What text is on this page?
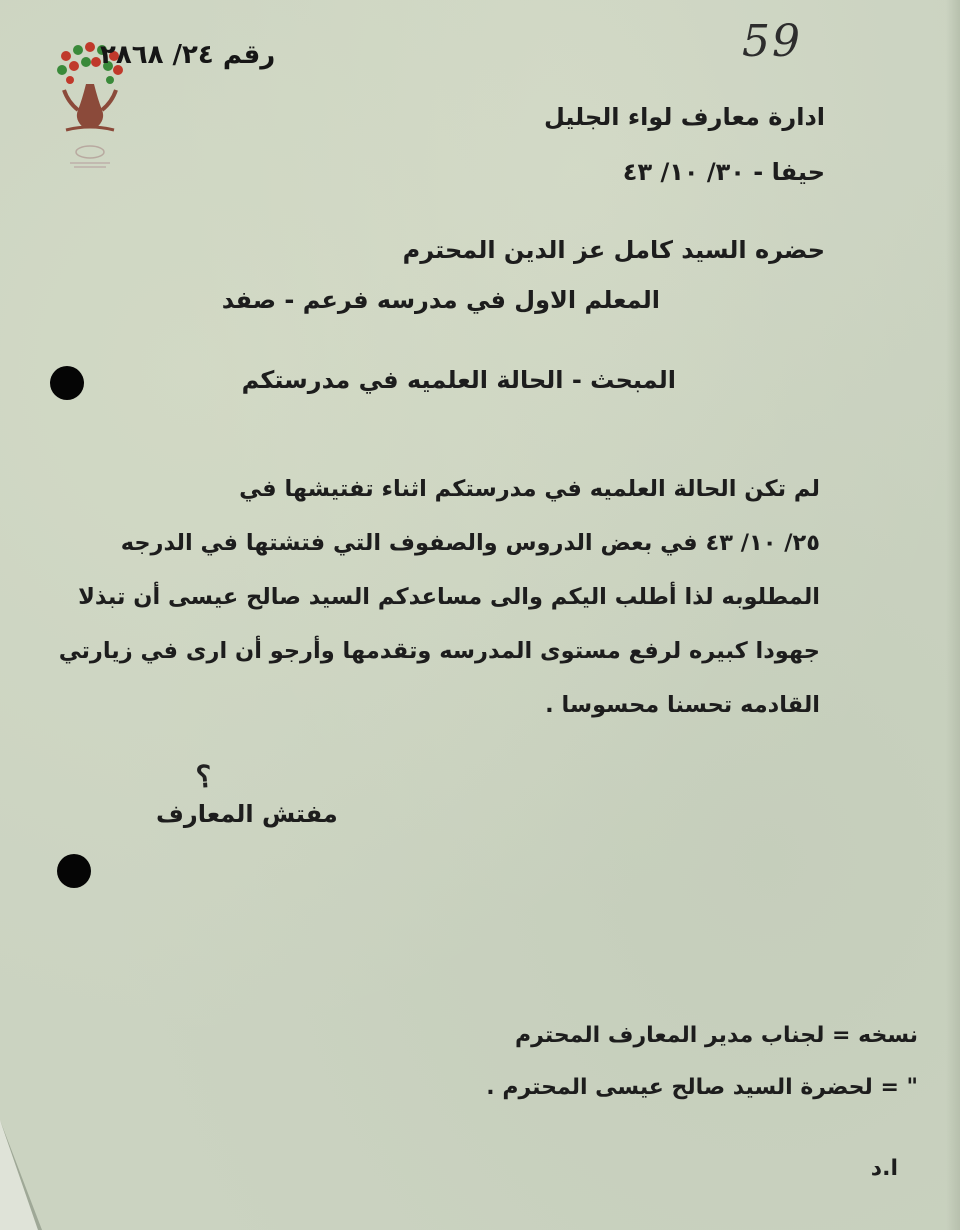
رقم ٢٤/ ٢٨٦٨	59
ادارة معارف لواء الجليل
حيفا - ٣٠/ ١٠/ ٤٣
حضره السيد كامل عز الدين المحترم
المعلم الاول في مدرسه فرعم - صفد
المبحث - الحالة العلميه في مدرستكم
لم تكن الحالة العلميه في مدرستكم اثناء تفتيشها في
٢٥/ ١٠/ ٤٣ في بعض الدروس والصفوف التي فتشتها في الدرجه
المطلوبه لذا أطلب اليكم والى مساعدكم السيد صالح عيسى أن تبذلا
جهودا كبيره لرفع مستوى المدرسه وتقدمها وأرجو أن ارى في زيارتي
القادمه تحسنا محسوسا .
؟
مفتش المعارف
نسخه = لجناب مدير المعارف المحترم
" = لحضرة السيد صالح عيسى المحترم .
ا.د
